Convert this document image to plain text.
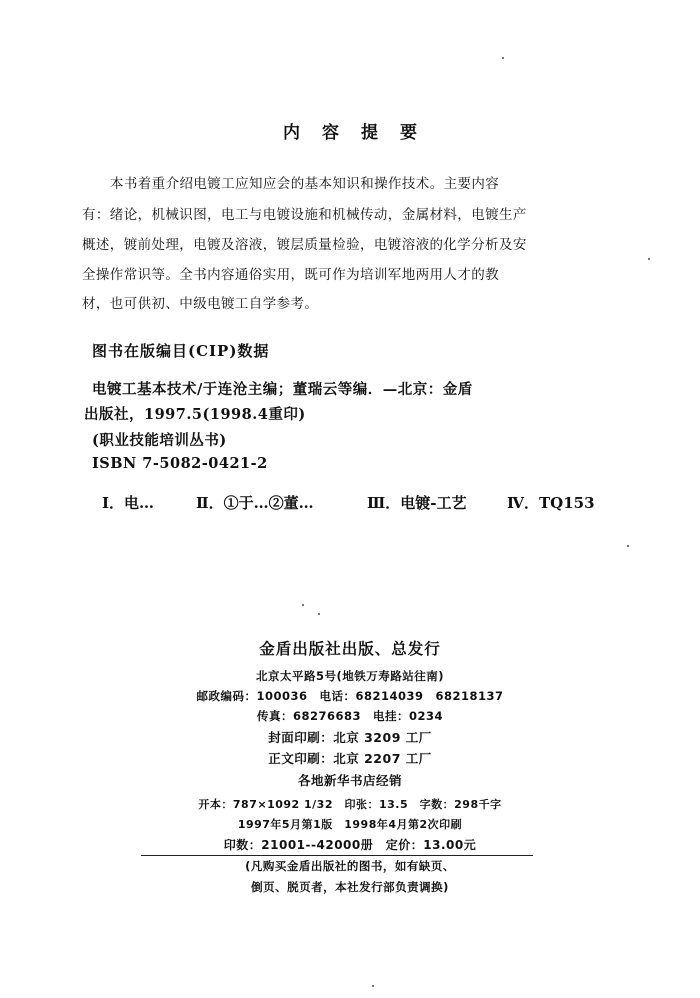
内容提要
本书着重介绍电镀工应知应会的基本知识和操作技术。主要内容
有：绪论，机械识图，电工与电镀设施和机械传动，金属材料，电镀生产
概述，镀前处理，电镀及溶液，镀层质量检验，电镀溶液的化学分析及安
全操作常识等。全书内容通俗实用，既可作为培训军地两用人才的教
材，也可供初、中级电镀工自学参考。
图书在版编目(CIP)数据
电镀工基本技术/于连沧主编；董瑞云等编．—北京：金盾
出版社，1997.5(1998.4重印)
(职业技能培训丛书)
ISBN 7-5082-0421-2
Ⅰ．电…	Ⅱ．①于…②董…	Ⅲ．电镀-工艺	Ⅳ．TQ153
金盾出版社出版、总发行
北京太平路5号(地铁万寿路站往南)
邮政编码：100036　电话：68214039　68218137
传真：68276683　电挂：0234
封面印刷：北京 3209 工厂
正文印刷：北京 2207 工厂
各地新华书店经销
开本：787×1092 1/32　印张：13.5　字数：298千字
1997年5月第1版　1998年4月第2次印刷
印数：21001--42000册　定价：13.00元
(凡购买金盾出版社的图书，如有缺页、
倒页、脱页者，本社发行部负责调换)
